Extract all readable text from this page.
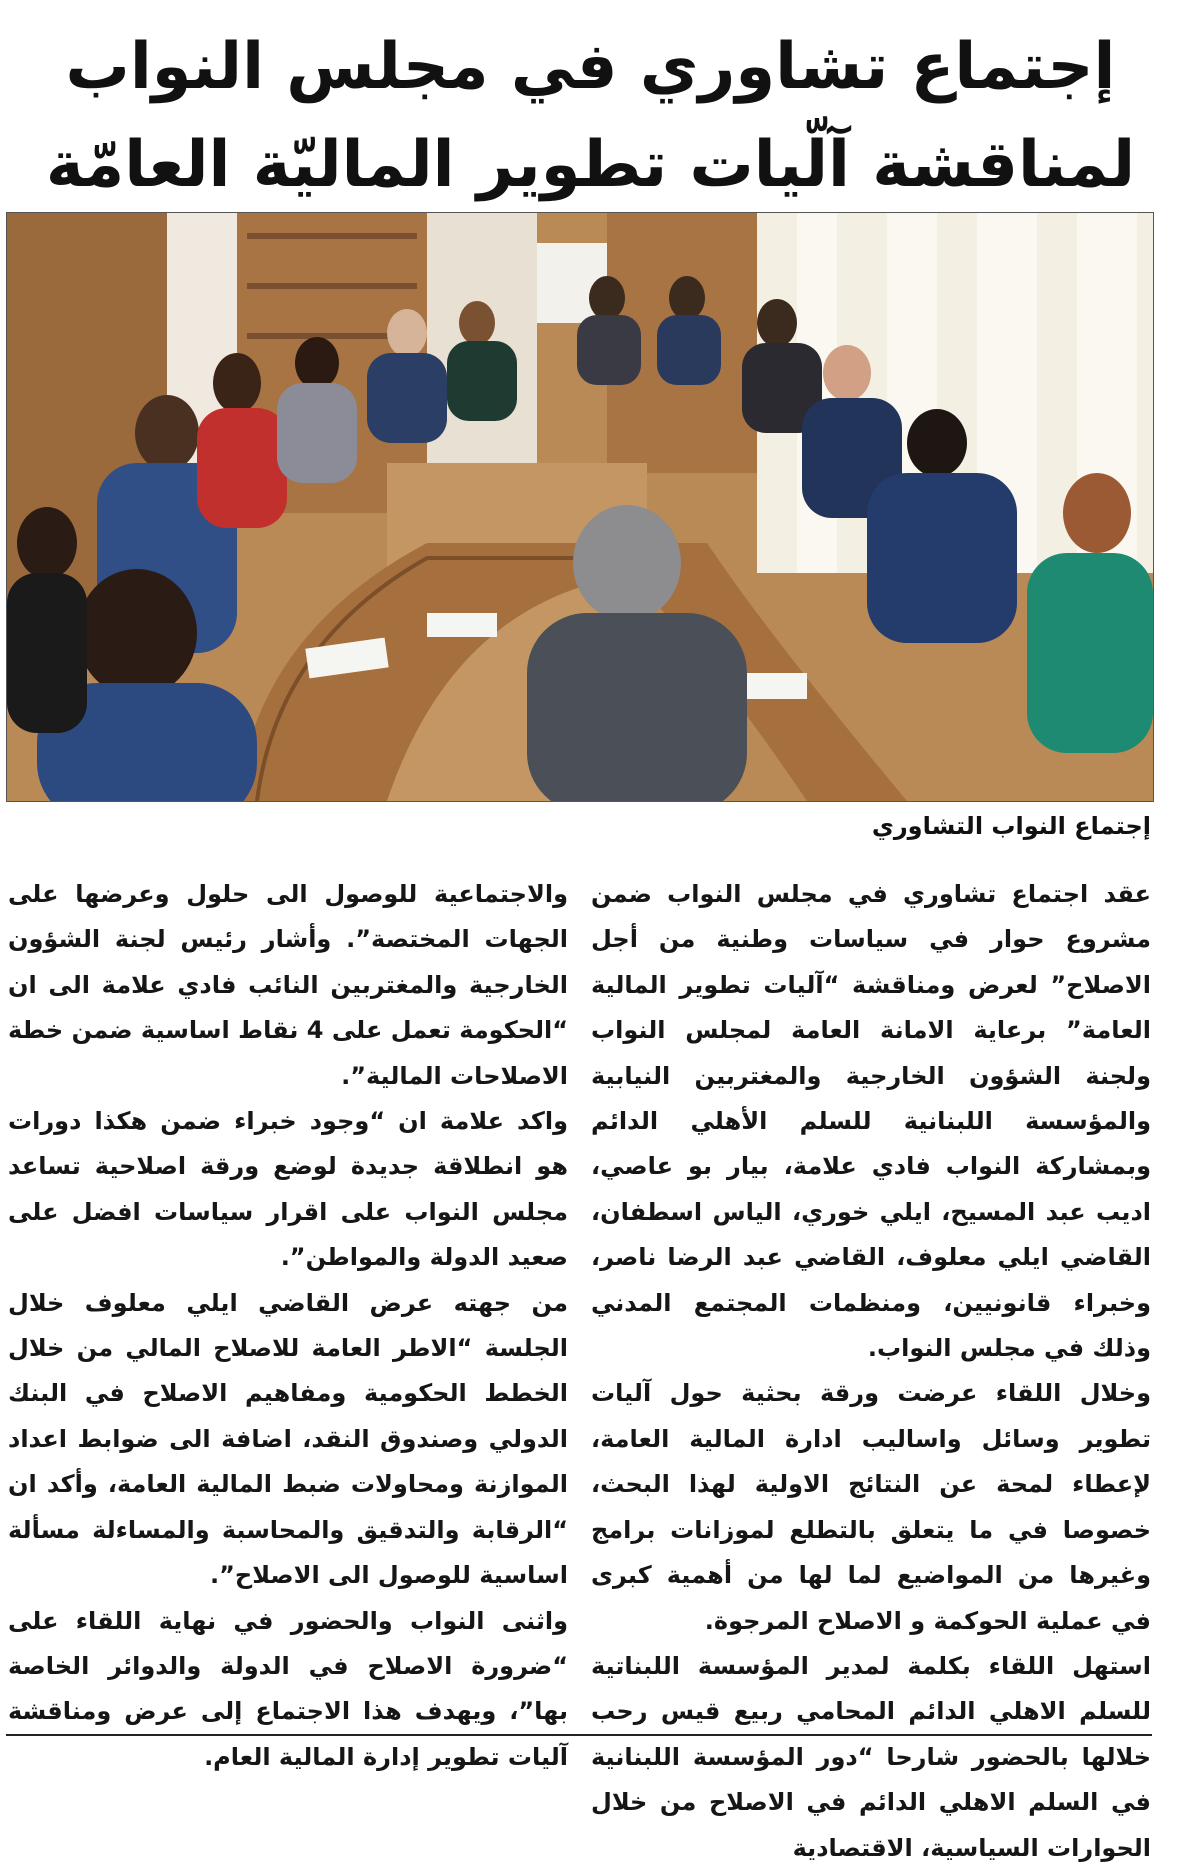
إجتماع تشاوري في مجلس النواب
لمناقشة آلّيات تطوير الماليّة العامّة
إجتماع النواب التشاوري

عقد اجتماع تشاوري في مجلس النواب ضمن مشروع حوار في سياسات وطنية من أجل الاصلاح” لعرض ومناقشة “آليات تطوير المالية العامة” برعاية الامانة العامة لمجلس النواب ولجنة الشؤون الخارجية والمغتربين النيابية والمؤسسة اللبنانية للسلم الأهلي الدائم وبمشاركة النواب فادي علامة، بيار بو عاصي، اديب عبد المسيح، ايلي خوري، الياس اسطفان، القاضي ايلي معلوف، القاضي عبد الرضا ناصر، وخبراء قانونيين، ومنظمات المجتمع المدني وذلك في مجلس النواب.

وخلال اللقاء عرضت ورقة بحثية حول آليات تطوير وسائل واساليب ادارة المالية العامة، لإعطاء لمحة عن النتائج الاولية لهذا البحث، خصوصا في ما يتعلق بالتطلع لموزانات برامج وغيرها من المواضيع لما لها من أهمية كبرى في عملية الحوكمة و الاصلاح المرجوة.

استهل اللقاء بكلمة لمدير المؤسسة اللبناتية للسلم الاهلي الدائم المحامي ربيع قيس رحب خلالها بالحضور شارحا “دور المؤسسة اللبنانية في السلم الاهلي الدائم في الاصلاح من خلال الحوارات السياسية، الاقتصادية

والاجتماعية للوصول الى حلول وعرضها على الجهات المختصة”. وأشار رئيس لجنة الشؤون الخارجية والمغتربين النائب فادي علامة الى ان “الحكومة تعمل على 4 نقاط اساسية ضمن خطة الاصلاحات المالية”.

واكد علامة ان “وجود خبراء ضمن هكذا دورات هو انطلاقة جديدة لوضع ورقة اصلاحية تساعد مجلس النواب على اقرار سياسات افضل على صعيد الدولة والمواطن”.

من جهته عرض القاضي ايلي معلوف خلال الجلسة “الاطر العامة للاصلاح المالي من خلال الخطط الحكومية ومفاهيم الاصلاح في البنك الدولي وصندوق النقد، اضافة الى ضوابط اعداد الموازنة ومحاولات ضبط المالية العامة، وأكد ان “الرقابة والتدقيق والمحاسبة والمساءلة مسألة اساسية للوصول الى الاصلاح”.

واثنى النواب والحضور في نهاية اللقاء على “ضرورة الاصلاح في الدولة والدوائر الخاصة بها”، ويهدف هذا الاجتماع إلى عرض ومناقشة آليات تطوير إدارة المالية العام.
